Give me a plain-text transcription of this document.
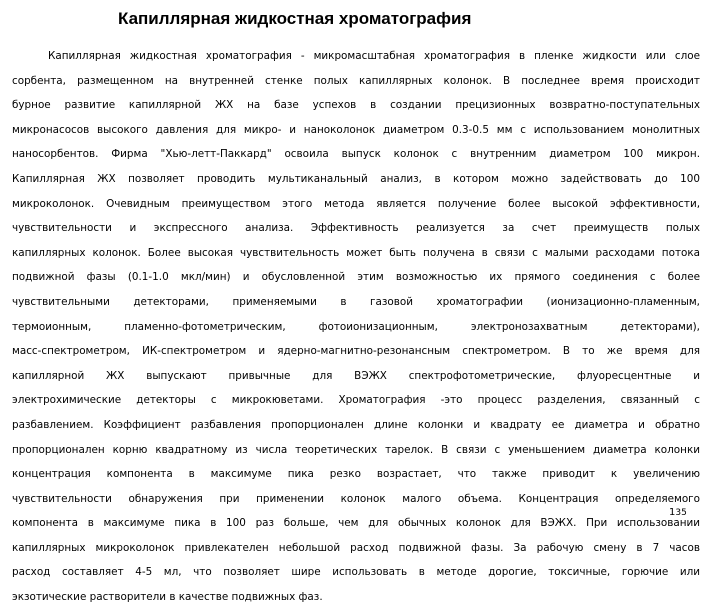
Капиллярная жидкостная хроматография
Капиллярная жидкостная хроматография - микромасштабная хроматография в пленке жидкости или слое
сорбента, размещенном на внутренней стенке полых капиллярных колонок. В последнее время происходит
бурное развитие капиллярной ЖХ на базе успехов в создании прецизионных возвратно-поступательных
микронасосов высокого давления для микро- и наноколонок диаметром 0.3-0.5 мм с использованием монолитных
наносорбентов. Фирма "Хью-летт-Паккард" освоила выпуск колонок с внутренним диаметром 100 микрон.
Капиллярная ЖХ позволяет проводить мультиканальный анализ, в котором можно задействовать до 100
микроколонок. Очевидным преимуществом этого метода является получение более высокой эффективности,
чувствительности и экспрессного анализа. Эффективность реализуется за счет преимуществ полых
капиллярных колонок. Более высокая чувствительность может быть получена в связи с малыми расходами потока
подвижной фазы (0.1-1.0 мкл/мин) и обусловленной этим возможностью их прямого соединения с более
чувствительными детекторами, применяемыми в газовой хроматографии (ионизационно-пламенным,
термоионным, пламенно-фотометрическим, фотоионизационным, электронозахватным детекторами),
масс-спектрометром, ИК-спектрометром и ядерно-магнитно-резонансным спектрометром. В то же время для
капиллярной ЖХ выпускают привычные для ВЭЖХ спектрофотометрические, флуоресцентные и
электрохимические детекторы с микрокюветами. Хроматография -это процесс разделения, связанный с
разбавлением. Коэффициент разбавления пропорционален длине колонки и квадрату ее диаметра и обратно
пропорционален корню квадратному из числа теоретических тарелок. В связи с уменьшением диаметра колонки
концентрация компонента в максимуме пика резко возрастает, что также приводит к увеличению
чувствительности обнаружения при применении колонок малого объема. Концентрация определяемого
компонента в максимуме пика в 100 раз больше, чем для обычных колонок для ВЭЖХ. При использовании
капиллярных микроколонок привлекателен небольшой расход подвижной фазы. За рабочую смену в 7 часов
расход составляет 4-5 мл, что позволяет шире использовать в методе дорогие, токсичные, горючие или
экзотические растворители в качестве подвижных фаз.
135
